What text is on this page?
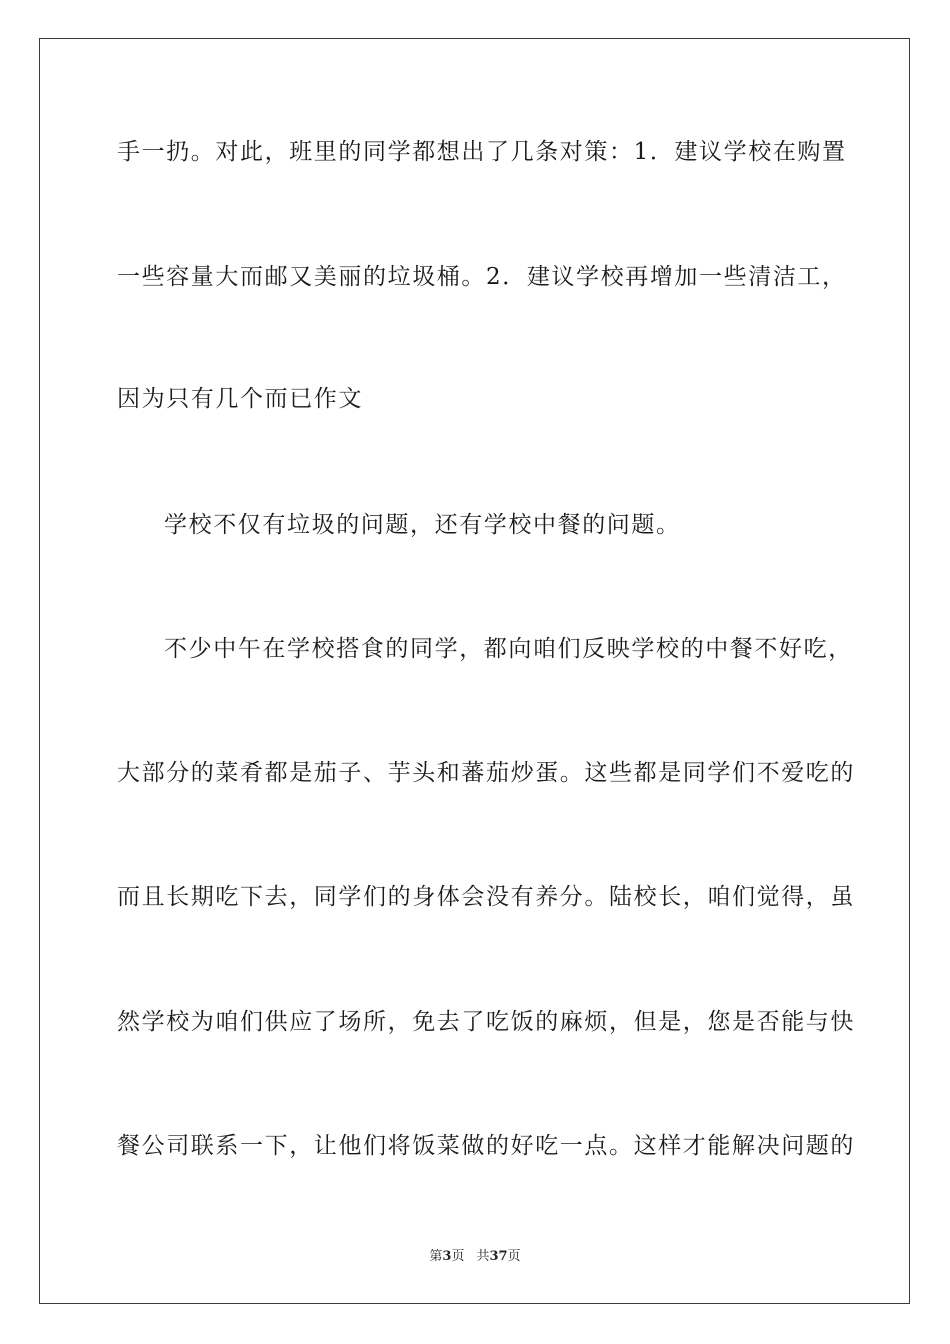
手一扔。对此，班里的同学都想出了几条对策：1．建议学校在购置
一些容量大而邮又美丽的垃圾桶。2．建议学校再增加一些清洁工，
因为只有几个而已作文
学校不仅有垃圾的问题，还有学校中餐的问题。
不少中午在学校搭食的同学，都向咱们反映学校的中餐不好吃，
大部分的菜肴都是茄子、芋头和蕃茄炒蛋。这些都是同学们不爱吃的
而且长期吃下去，同学们的身体会没有养分。陆校长，咱们觉得，虽
然学校为咱们供应了场所，免去了吃饭的麻烦，但是，您是否能与快
餐公司联系一下，让他们将饭菜做的好吃一点。这样才能解决问题的
第3页 共37页
